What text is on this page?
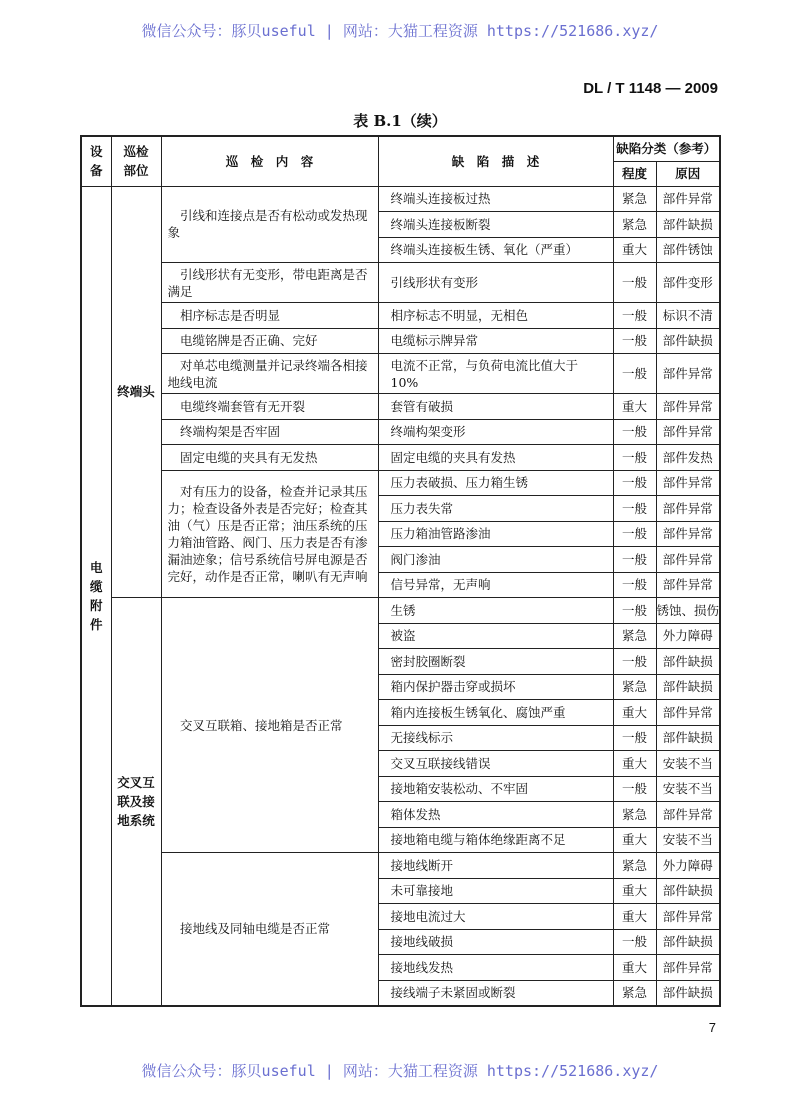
微信公众号：豚贝useful | 网站：大猫工程资源 https://521686.xyz/
DL / T 1148 — 2009
表 B.1（续）
设
备	巡检
部位	巡　检　内　容	缺　陷　描　述	缺陷分类（参考）	
				程度	原因
电
缆
附
件	终端头	引线和连接点是否有松动或发热现象	终端头连接板过热	紧急	部件异常
			终端头连接板断裂	紧急	部件缺损
			终端头连接板生锈、氧化（严重）	重大	部件锈蚀
		引线形状有无变形，带电距离是否满足	引线形状有变形	一般	部件变形
		相序标志是否明显	相序标志不明显，无相色	一般	标识不清
		电缆铭牌是否正确、完好	电缆标示牌异常	一般	部件缺损
		对单芯电缆测量并记录终端各相接地线电流	电流不正常，与负荷电流比值大于 10%	一般	部件异常
		电缆终端套管有无开裂	套管有破损	重大	部件异常
		终端构架是否牢固	终端构架变形	一般	部件异常
		固定电缆的夹具有无发热	固定电缆的夹具有发热	一般	部件发热
		对有压力的设备，检查并记录其压力；检查设备外表是否完好；检查其油（气）压是否正常；油压系统的压力箱油管路、阀门、压力表是否有渗漏油迹象；信号系统信号屏电源是否完好，动作是否正常，喇叭有无声响	压力表破损、压力箱生锈	一般	部件异常
			压力表失常	一般	部件异常
			压力箱油管路渗油	一般	部件异常
			阀门渗油	一般	部件异常
			信号异常，无声响	一般	部件异常
	交叉互
联及接
地系统	交叉互联箱、接地箱是否正常	生锈	一般	锈蚀、损伤
			被盗	紧急	外力障碍
			密封胶圈断裂	一般	部件缺损
			箱内保护器击穿或损坏	紧急	部件缺损
			箱内连接板生锈氧化、腐蚀严重	重大	部件异常
			无接线标示	一般	部件缺损
			交叉互联接线错误	重大	安装不当
			接地箱安装松动、不牢固	一般	安装不当
			箱体发热	紧急	部件异常
			接地箱电缆与箱体绝缘距离不足	重大	安装不当
		接地线及同轴电缆是否正常	接地线断开	紧急	外力障碍
			未可靠接地	重大	部件缺损
			接地电流过大	重大	部件异常
			接地线破损	一般	部件缺损
			接地线发热	重大	部件异常
			接线端子未紧固或断裂	紧急	部件缺损
7
微信公众号：豚贝useful | 网站：大猫工程资源 https://521686.xyz/
